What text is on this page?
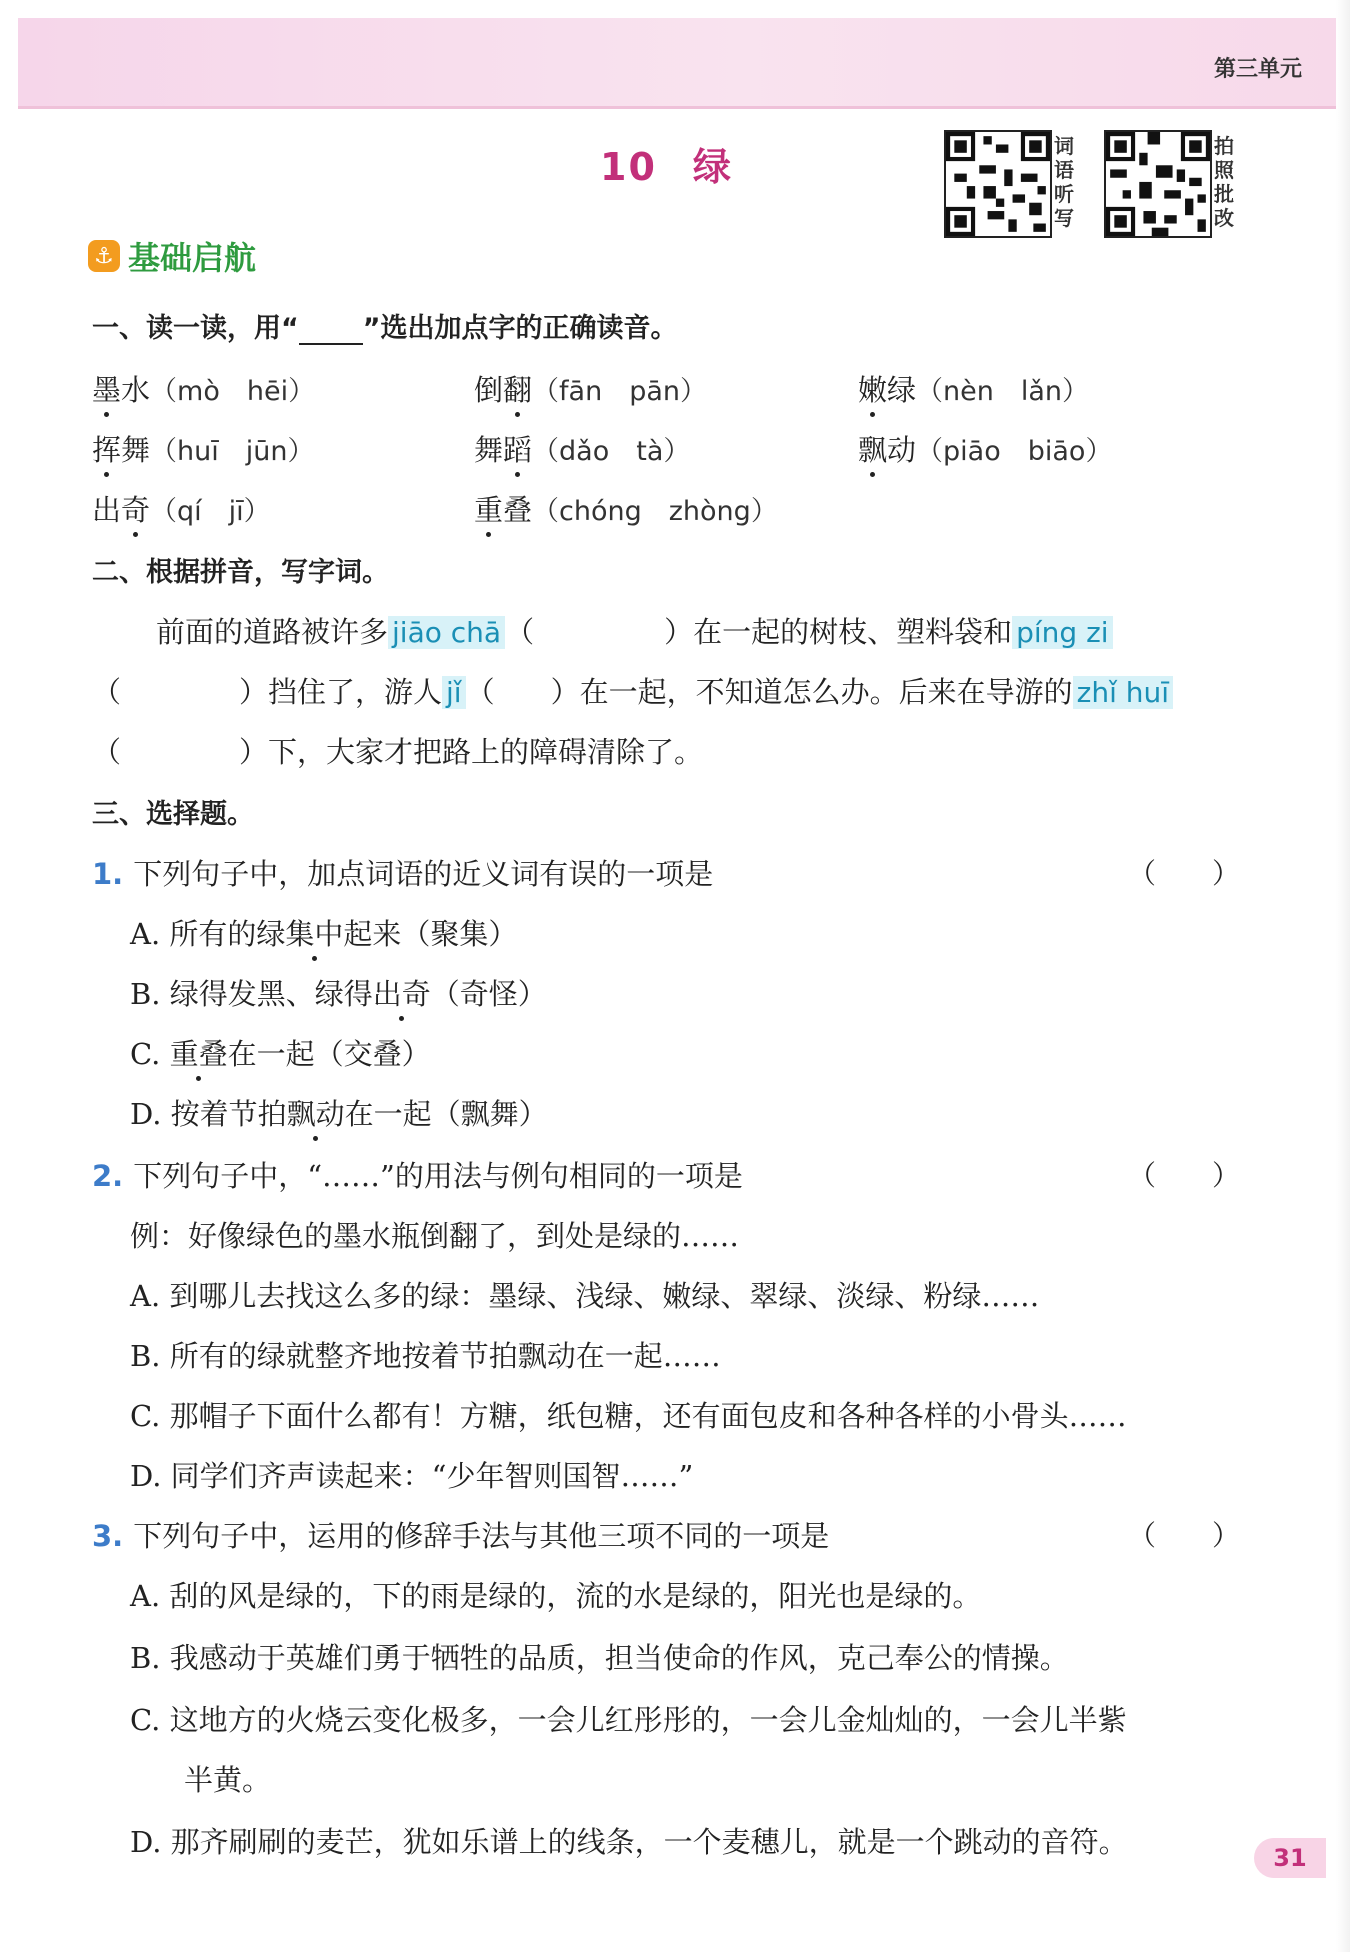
第三单元
10 绿	词
语
听
写
拍
照
批
改
⚓ 基础启航
一、读一读，用“ ”选出加点字的正确读音。
墨水（mò　hēi）	倒翻（fān　pān）	嫩绿（nèn　lǎn）
挥舞（huī　jūn）	舞蹈（dǎo　tà）	飘动（piāo　biāo）
出奇（qí　jī）	重叠（chóng　zhòng）
二、根据拼音，写字词。
前面的道路被许多 jiāo chā （	）在一起的树枝、塑料袋和 píng zi
（	）挡住了，游人 jǐ （ ）在一起，不知道怎么办。后来在导游的 zhǐ huī
（	）下，大家才把路上的障碍清除了。
三、选择题。
1. 下列句子中，加点词语的近义词有误的一项是	（　　）
A. 所有的绿集中起来（聚集）
B. 绿得发黑、绿得出奇（奇怪）
C. 重叠在一起（交叠）
D. 按着节拍飘动在一起（飘舞）
2. 下列句子中，“……”的用法与例句相同的一项是	（　　）
例：好像绿色的墨水瓶倒翻了，到处是绿的……
A. 到哪儿去找这么多的绿：墨绿、浅绿、嫩绿、翠绿、淡绿、粉绿……
B. 所有的绿就整齐地按着节拍飘动在一起……
C. 那帽子下面什么都有！方糖，纸包糖，还有面包皮和各种各样的小骨头……
D. 同学们齐声读起来：“少年智则国智……”
3. 下列句子中，运用的修辞手法与其他三项不同的一项是	（　　）
A. 刮的风是绿的，下的雨是绿的，流的水是绿的，阳光也是绿的。
B. 我感动于英雄们勇于牺牲的品质，担当使命的作风，克己奉公的情操。
C. 这地方的火烧云变化极多，一会儿红彤彤的，一会儿金灿灿的，一会儿半紫
半黄。
D. 那齐刷刷的麦芒，犹如乐谱上的线条，一个麦穗儿，就是一个跳动的音符。	31
